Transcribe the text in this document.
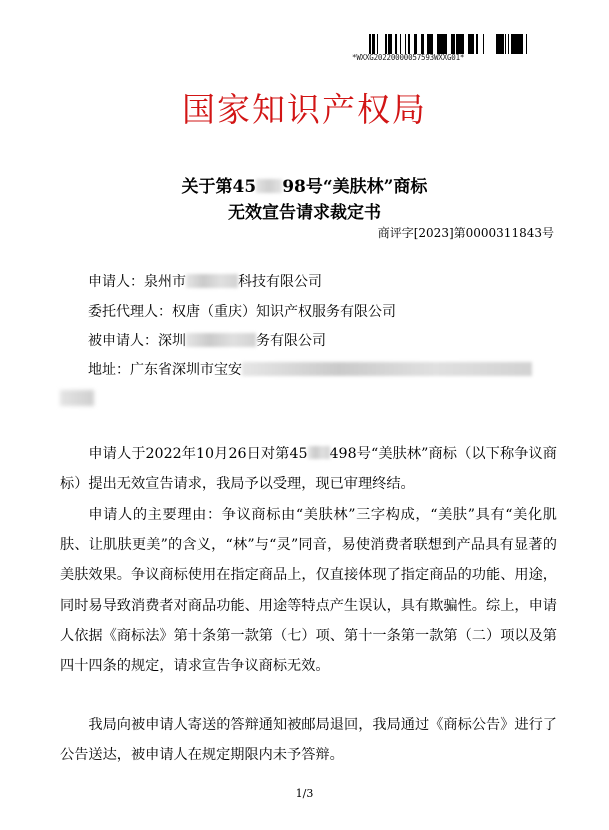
*WXXG20220000057593WXXG01*
国家知识产权局
关于第45 98号“美肤林”商标
无效宣告请求裁定书
商评字[2023]第0000311843号
申请人：泉州市	科技有限公司
委托代理人：权唐（重庆）知识产权服务有限公司
被申请人：深圳	务有限公司
地址：广东省深圳市宝安
申请人于2022年10月26日对第45 498号“美肤林”商标（以下称争议商标）提出无效宣告请求，我局予以受理，现已审理终结。
申请人的主要理由：争议商标由“美肤林”三字构成，“美肤”具有“美化肌肤、让肌肤更美”的含义，“林”与“灵”同音，易使消费者联想到产品具有显著的美肤效果。争议商标使用在指定商品上，仅直接体现了指定商品的功能、用途，同时易导致消费者对商品功能、用途等特点产生误认，具有欺骗性。综上，申请人依据《商标法》第十条第一款第（七）项、第十一条第一款第（二）项以及第四十四条的规定，请求宣告争议商标无效。
我局向被申请人寄送的答辩通知被邮局退回，我局通过《商标公告》进行了公告送达，被申请人在规定期限内未予答辩。
1/3
